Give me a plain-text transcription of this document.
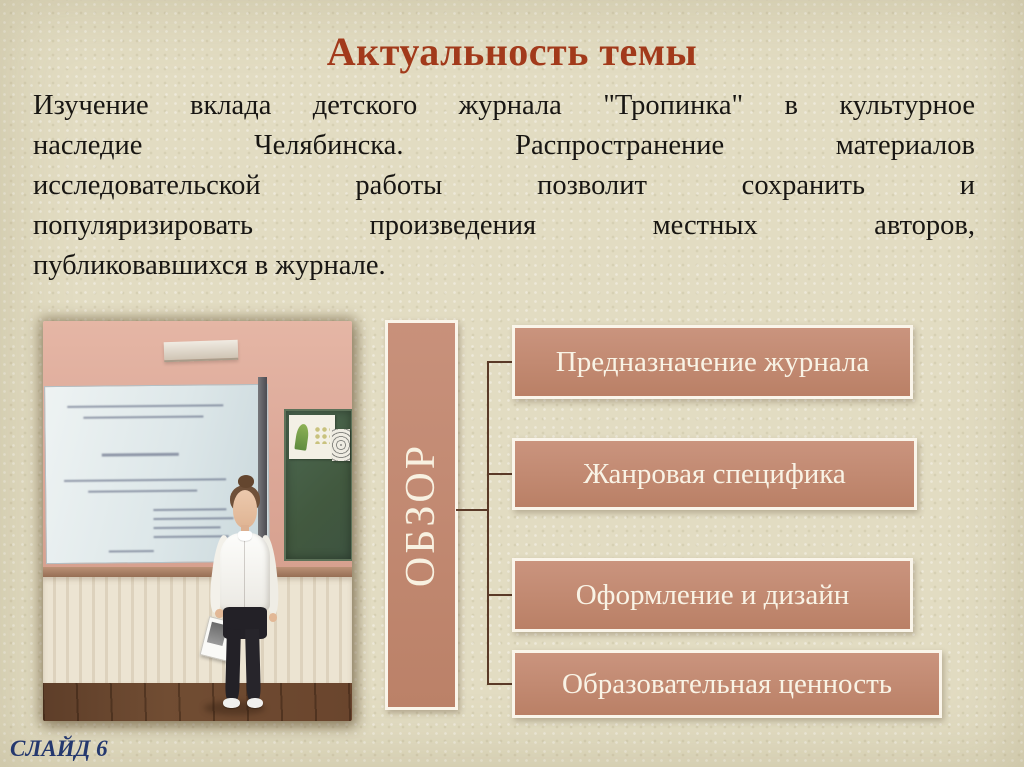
Актуальность темы
Изучение вклада детского журнала "Тропинка" в культурное
наследие Челябинска. Распространение материалов
исследовательской работы позволит сохранить и
популяризировать произведения местных авторов,
публиковавшихся в журнале.
ОБЗОР
Предназначение журнала
Жанровая специфика
Оформление и дизайн
Образовательная ценность
СЛАЙД 6
